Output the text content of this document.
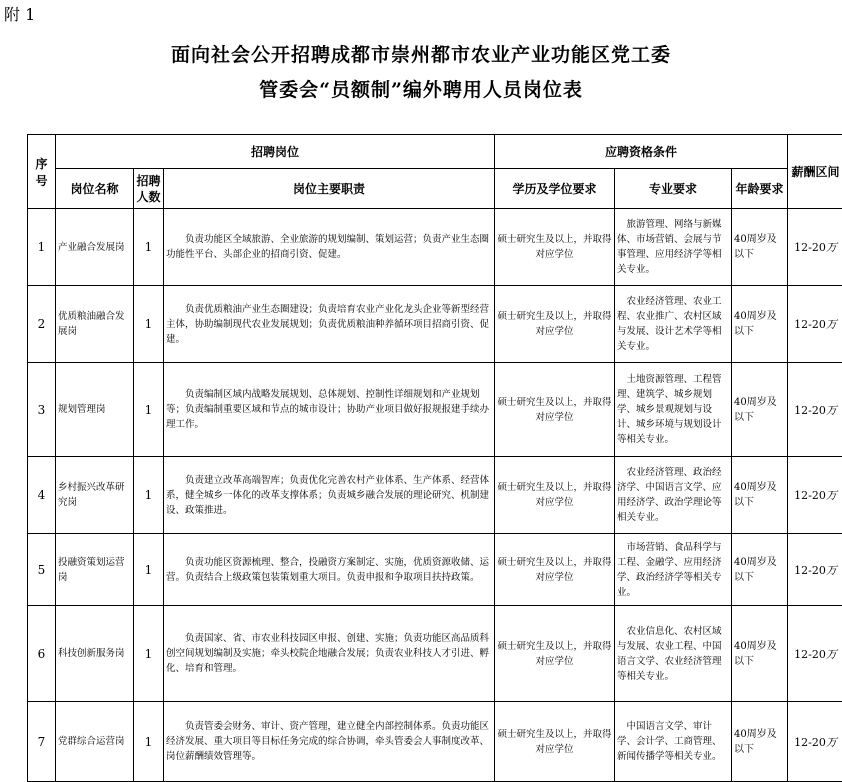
附 1
面向社会公开招聘成都市崇州都市农业产业功能区党工委
管委会“员额制”编外聘用人员岗位表
序号	招聘岗位			应聘资格条件			薪酬区间
	岗位名称	招聘人数	岗位主要职责	学历及学位要求	专业要求	年龄要求	
1	产业融合发展岗	1	负责功能区全域旅游、全业旅游的规划编制、策划运营；负责产业生态圈功能性平台、头部企业的招商引资、促建。	硕士研究生及以上，并取得对应学位	旅游管理、网络与新媒体、市场营销、会展与节事管理、应用经济学等相关专业。	40周岁及以下	12-20万
2	优质粮油融合发展岗	1	负责优质粮油产业生态圈建设；负责培育农业产业化龙头企业等新型经营主体，协助编制现代农业发展规划；负责优质粮油种养循环项目招商引资、促建。	硕士研究生及以上，并取得对应学位	农业经济管理、农业工程、农业推广、农村区域与发展、设计艺术学等相关专业。	40周岁及以下	12-20万
3	规划管理岗	1	负责编制区域内战略发展规划、总体规划、控制性详细规划和产业规划等；负责编制重要区域和节点的城市设计；协助产业项目做好报规报建手续办理工作。	硕士研究生及以上，并取得对应学位	土地资源管理、工程管理、建筑学、城乡规划学、城乡景观规划与设计、城乡环境与规划设计等相关专业。	40周岁及以下	12-20万
4	乡村振兴改革研究岗	1	负责建立改革高端智库；负责优化完善农村产业体系、生产体系、经营体系，健全城乡一体化的改革支撑体系；负责城乡融合发展的理论研究、机制建设、政策推进。	硕士研究生及以上，并取得对应学位	农业经济管理、政治经济学、中国语言文学、应用经济学、政治学理论等相关专业。	40周岁及以下	12-20万
5	投融资策划运营岗	1	负责功能区资源梳理、整合，投融资方案制定、实施，优质资源收储、运营。负责结合上级政策包装策划重大项目。负责申报和争取项目扶持政策。	硕士研究生及以上，并取得对应学位	市场营销、食品科学与工程、金融学、应用经济学、政治经济学等相关专业。	40周岁及以下	12-20万
6	科技创新服务岗	1	负责国家、省、市农业科技园区申报、创建、实施；负责功能区高品质科创空间规划编制及实施；牵头校院企地融合发展；负责农业科技人才引进、孵化、培育和管理。	硕士研究生及以上，并取得对应学位	农业信息化、农村区域与发展、农业工程、中国语言文学、农业经济管理等相关专业。	40周岁及以下	12-20万
7	党群综合运营岗	1	负责管委会财务、审计、资产管理，建立健全内部控制体系。负责功能区经济发展、重大项目等目标任务完成的综合协调，牵头管委会人事制度改革、岗位薪酬绩效管理等。	硕士研究生及以上，并取得对应学位	中国语言文学、审计学、会计学、工商管理、新闻传播学等相关专业。	40周岁及以下	12-20万
